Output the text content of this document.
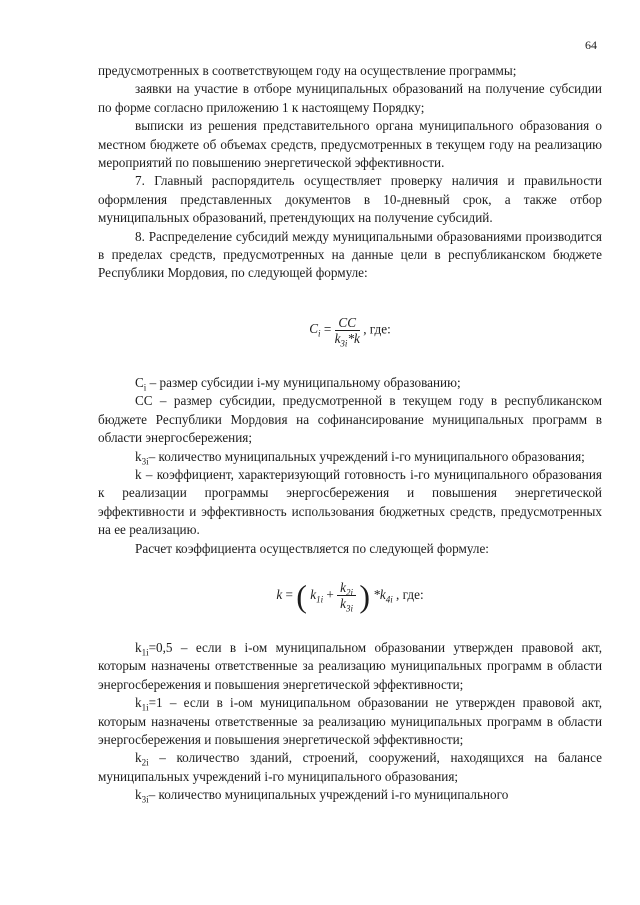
64

предусмотренных в соответствующем году на осуществление программы;

заявки на участие в отборе муниципальных образований на получение субсидии по форме согласно приложению 1 к настоящему Порядку;

выписки из решения представительного органа муниципального образования о местном бюджете об объемах средств, предусмотренных в текущем году на реализацию мероприятий по повышению энергетической эффективности.

7. Главный распорядитель осуществляет проверку наличия и правильности оформления представленных документов в 10-дневный срок, а также отбор муниципальных образований, претендующих на получение субсидий.

8. Распределение субсидий между муниципальными образованиями производится в пределах средств, предусмотренных на данные цели в республиканском бюджете Республики Мордовия, по следующей формуле:

$C_i = \frac{CC}{k_{3i}*k}$ , где:

$C_i$ – размер субсидии i-му муниципальному образованию;

СС – размер субсидии, предусмотренной в текущем году в республиканском бюджете Республики Мордовия на софинансирование муниципальных программ в области энергосбережения;

$k_{3i}-$ количество муниципальных учреждений i-го муниципального образования;

k – коэффициент, характеризующий готовность i-го муниципального образования к реализации программы энергосбережения и повышения энергетической эффективности и эффективность использования бюджетных средств, предусмотренных на ее реализацию.

Расчет коэффициента осуществляется по следующей формуле:

k = ( $k_{1i} + \frac{k_{2i}}{k_{3i}}$ ) $*k_{4i}$ , где:

$k_{1i}=0,5$ – если в i-ом муниципальном образовании утвержден правовой акт, которым назначены ответственные за реализацию муниципальных программ в области энергосбережения и повышения энергетической эффективности;

$k_{1i}=1$ – если в i-ом муниципальном образовании не утвержден правовой акт, которым назначены ответственные за реализацию муниципальных программ в области энергосбережения и повышения энергетической эффективности;

$k_{2i}$ – количество зданий, строений, сооружений, находящихся на балансе муниципальных учреждений i-го муниципального образования;

$k_{3i}-$ количество муниципальных учреждений i-го муниципального
